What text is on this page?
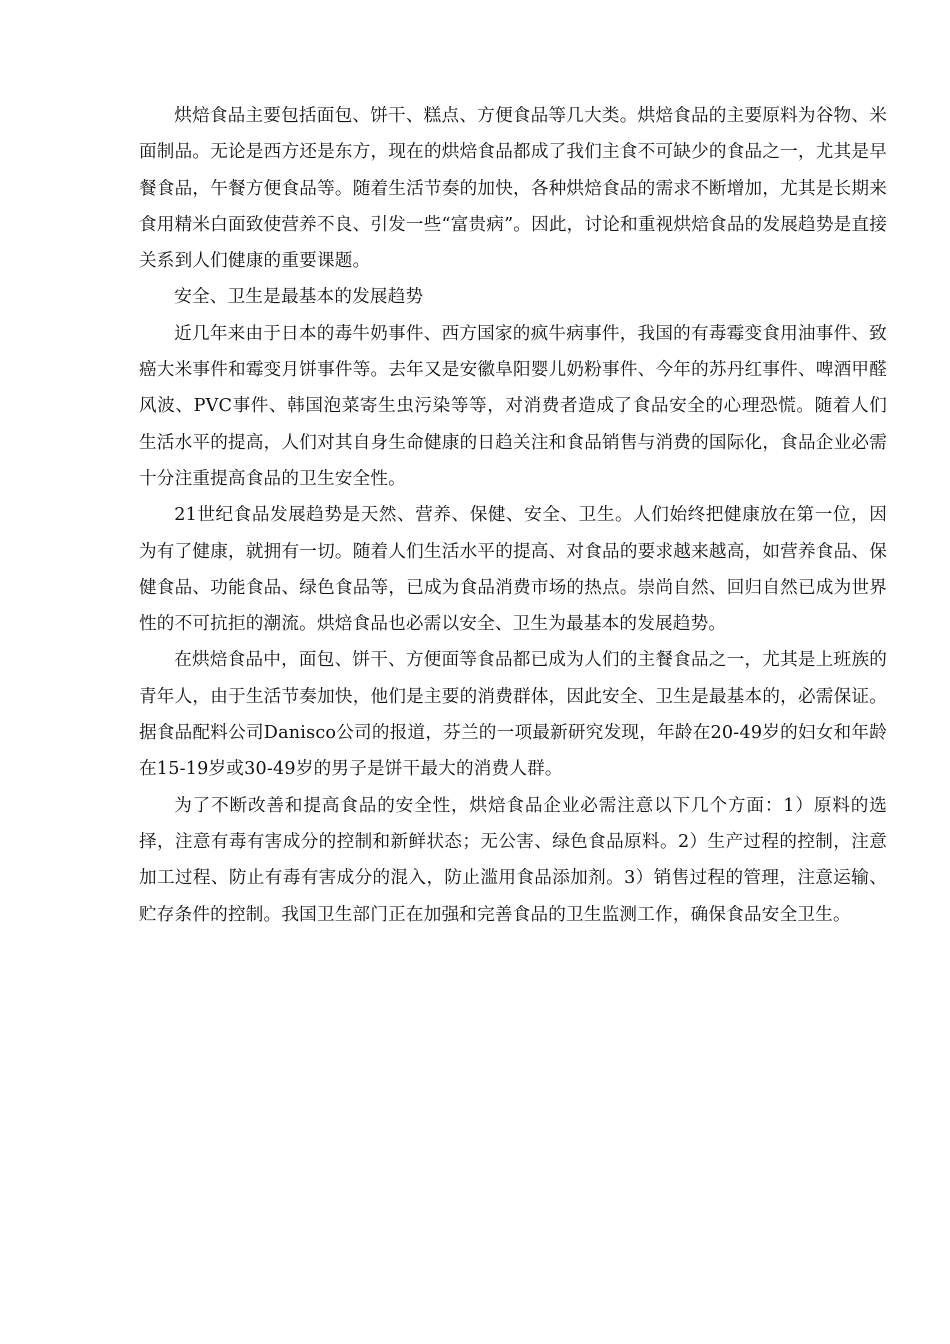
烘焙食品主要包括面包、饼干、糕点、方便食品等几大类。烘焙食品的主要原料为谷物、米面制品。无论是西方还是东方，现在的烘焙食品都成了我们主食不可缺少的食品之一，尤其是早餐食品，午餐方便食品等。随着生活节奏的加快，各种烘焙食品的需求不断增加，尤其是长期来食用精米白面致使营养不良、引发一些“富贵病”。因此，讨论和重视烘焙食品的发展趋势是直接关系到人们健康的重要课题。

安全、卫生是最基本的发展趋势

近几年来由于日本的毒牛奶事件、西方国家的疯牛病事件，我国的有毒霉变食用油事件、致癌大米事件和霉变月饼事件等。去年又是安徽阜阳婴儿奶粉事件、今年的苏丹红事件、啤酒甲醛风波、PVC事件、韩国泡菜寄生虫污染等等，对消费者造成了食品安全的心理恐慌。随着人们生活水平的提高，人们对其自身生命健康的日趋关注和食品销售与消费的国际化，食品企业必需十分注重提高食品的卫生安全性。

21世纪食品发展趋势是天然、营养、保健、安全、卫生。人们始终把健康放在第一位，因为有了健康，就拥有一切。随着人们生活水平的提高、对食品的要求越来越高，如营养食品、保健食品、功能食品、绿色食品等，已成为食品消费市场的热点。崇尚自然、回归自然已成为世界性的不可抗拒的潮流。烘焙食品也必需以安全、卫生为最基本的发展趋势。

在烘焙食品中，面包、饼干、方便面等食品都已成为人们的主餐食品之一，尤其是上班族的青年人，由于生活节奏加快，他们是主要的消费群体，因此安全、卫生是最基本的，必需保证。据食品配料公司Danisco公司的报道，芬兰的一项最新研究发现，年龄在20-49岁的妇女和年龄在15-19岁或30-49岁的男子是饼干最大的消费人群。

为了不断改善和提高食品的安全性，烘焙食品企业必需注意以下几个方面：1）原料的选择，注意有毒有害成分的控制和新鲜状态；无公害、绿色食品原料。2）生产过程的控制，注意加工过程、防止有毒有害成分的混入，防止滥用食品添加剂。3）销售过程的管理，注意运输、贮存条件的控制。我国卫生部门正在加强和完善食品的卫生监测工作，确保食品安全卫生。
